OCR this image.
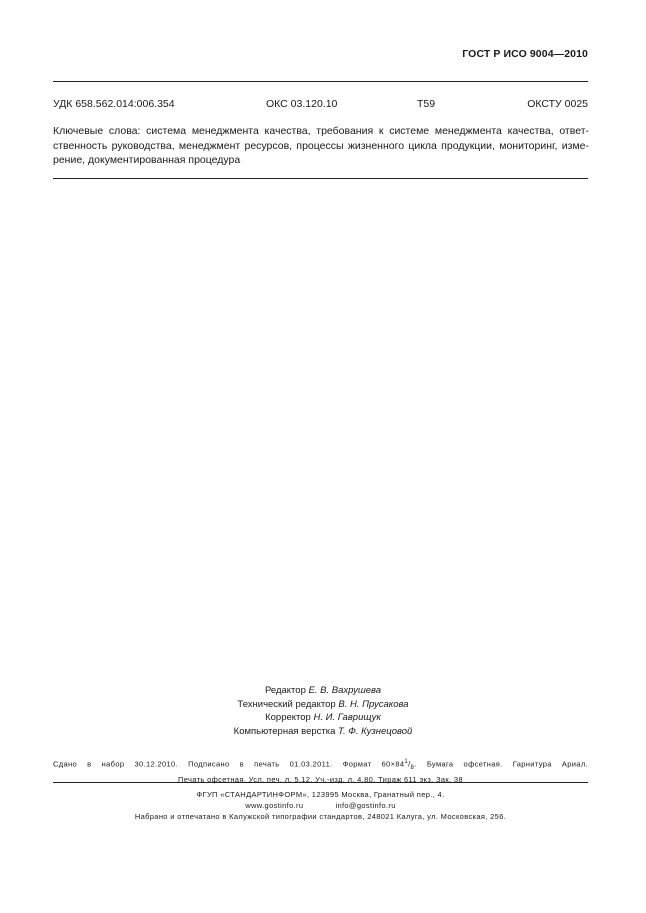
ГОСТ Р ИСО 9004—2010
УДК 658.562.014:006.354	ОКС 03.120.10	Т59	ОКСТУ 0025
Ключевые слова: система менеджмента качества, требования к системе менеджмента качества, ответ-
ственность руководства, менеджмент ресурсов, процессы жизненного цикла продукции, мониторинг, изме-
рение, документированная процедура
Редактор Е. В. Вахрушева
Технический редактор В. Н. Прусакова
Корректор Н. И. Гаврищук
Компьютерная верстка Т. Ф. Кузнецовой
Сдано в набор 30.12.2010. Подписано в печать 01.03.2011. Формат $60\times 84^1/_8$. Бумага офсетная. Гарнитура Ариал.
Печать офсетная. Усл. печ. л. 5,12. Уч.-изд. л. 4,80. Тираж 611 экз. Зак. 38
ФГУП «СТАНДАРТИНФОРМ», 123995 Москва, Гранатный пер., 4.
www.gostinfo.ru	info@gostinfo.ru
Набрано и отпечатано в Калужской типографии стандартов, 248021 Калуга, ул. Московская, 256.
